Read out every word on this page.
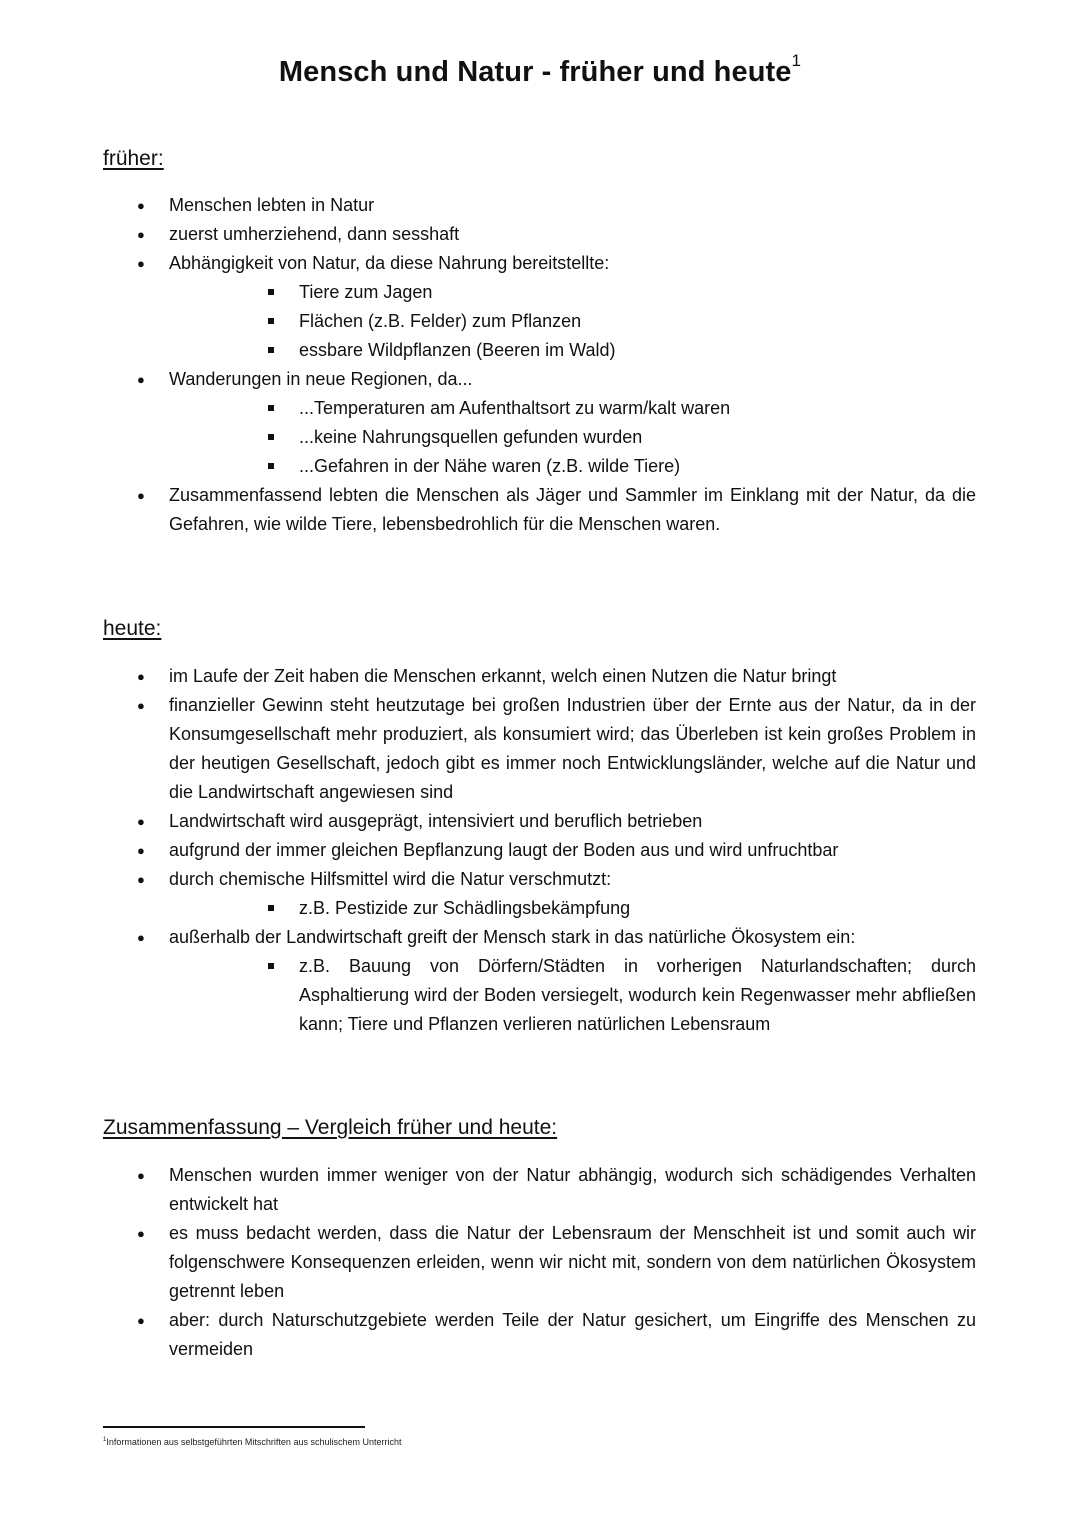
Mensch und Natur - früher und heute$^1$
früher:
● Menschen lebten in Natur
● zuerst umherziehend, dann sesshaft
● Abhängigkeit von Natur, da diese Nahrung bereitstellte:
Tiere zum Jagen
Flächen (z.B. Felder) zum Pflanzen
essbare Wildpflanzen (Beeren im Wald)
● Wanderungen in neue Regionen, da...
...Temperaturen am Aufenthaltsort zu warm/kalt waren
...keine Nahrungsquellen gefunden wurden
...Gefahren in der Nähe waren (z.B. wilde Tiere)
● Zusammenfassend lebten die Menschen als Jäger und Sammler im Einklang mit der Natur, da die Gefahren, wie wilde Tiere, lebensbedrohlich für die Menschen waren.
heute:
● im Laufe der Zeit haben die Menschen erkannt, welch einen Nutzen die Natur bringt
● finanzieller Gewinn steht heutzutage bei großen Industrien über der Ernte aus der Natur, da in der Konsumgesellschaft mehr produziert, als konsumiert wird; das Überleben ist kein großes Problem in der heutigen Gesellschaft, jedoch gibt es immer noch Entwicklungsländer, welche auf die Natur und die Landwirtschaft angewiesen sind
● Landwirtschaft wird ausgeprägt, intensiviert und beruflich betrieben
● aufgrund der immer gleichen Bepflanzung laugt der Boden aus und wird unfruchtbar
● durch chemische Hilfsmittel wird die Natur verschmutzt:
z.B. Pestizide zur Schädlingsbekämpfung
● außerhalb der Landwirtschaft greift der Mensch stark in das natürliche Ökosystem ein:
z.B. Bauung von Dörfern/Städten in vorherigen Naturlandschaften; durch Asphaltierung wird der Boden versiegelt, wodurch kein Regenwasser mehr abfließen kann; Tiere und Pflanzen verlieren natürlichen Lebensraum
Zusammenfassung – Vergleich früher und heute:
● Menschen wurden immer weniger von der Natur abhängig, wodurch sich schädigendes Verhalten entwickelt hat
● es muss bedacht werden, dass die Natur der Lebensraum der Menschheit ist und somit auch wir folgenschwere Konsequenzen erleiden, wenn wir nicht mit, sondern von dem natürlichen Ökosystem getrennt leben
● aber: durch Naturschutzgebiete werden Teile der Natur gesichert, um Eingriffe des Menschen zu vermeiden
$^1$Informationen aus selbstgeführten Mitschriften aus schulischem Unterricht
